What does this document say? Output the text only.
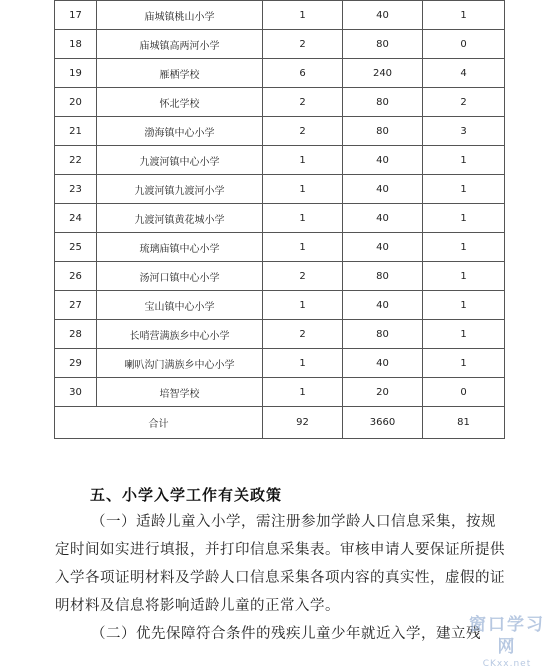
17	庙城镇桃山小学	1	40	1
18	庙城镇高两河小学	2	80	0
19	雁栖学校	6	240	4
20	怀北学校	2	80	2
21	渤海镇中心小学	2	80	3
22	九渡河镇中心小学	1	40	1
23	九渡河镇九渡河小学	1	40	1
24	九渡河镇黄花城小学	1	40	1
25	琉璃庙镇中心小学	1	40	1
26	汤河口镇中心小学	2	80	1
27	宝山镇中心小学	1	40	1
28	长哨营满族乡中心小学	2	80	1
29	喇叭沟门满族乡中心小学	1	40	1
30	培智学校	1	20	0
合计		92	3660	81
五、小学入学工作有关政策
（一）适龄儿童入小学，需注册参加学龄人口信息采集，按规定时间如实进行填报，并打印信息采集表。审核申请人要保证所提供入学各项证明材料及学龄人口信息采集各项内容的真实性，虚假的证明材料及信息将影响适龄儿童的正常入学。
（二）优先保障符合条件的残疾儿童少年就近入学，建立残
窗口学习网
CKxx.net
